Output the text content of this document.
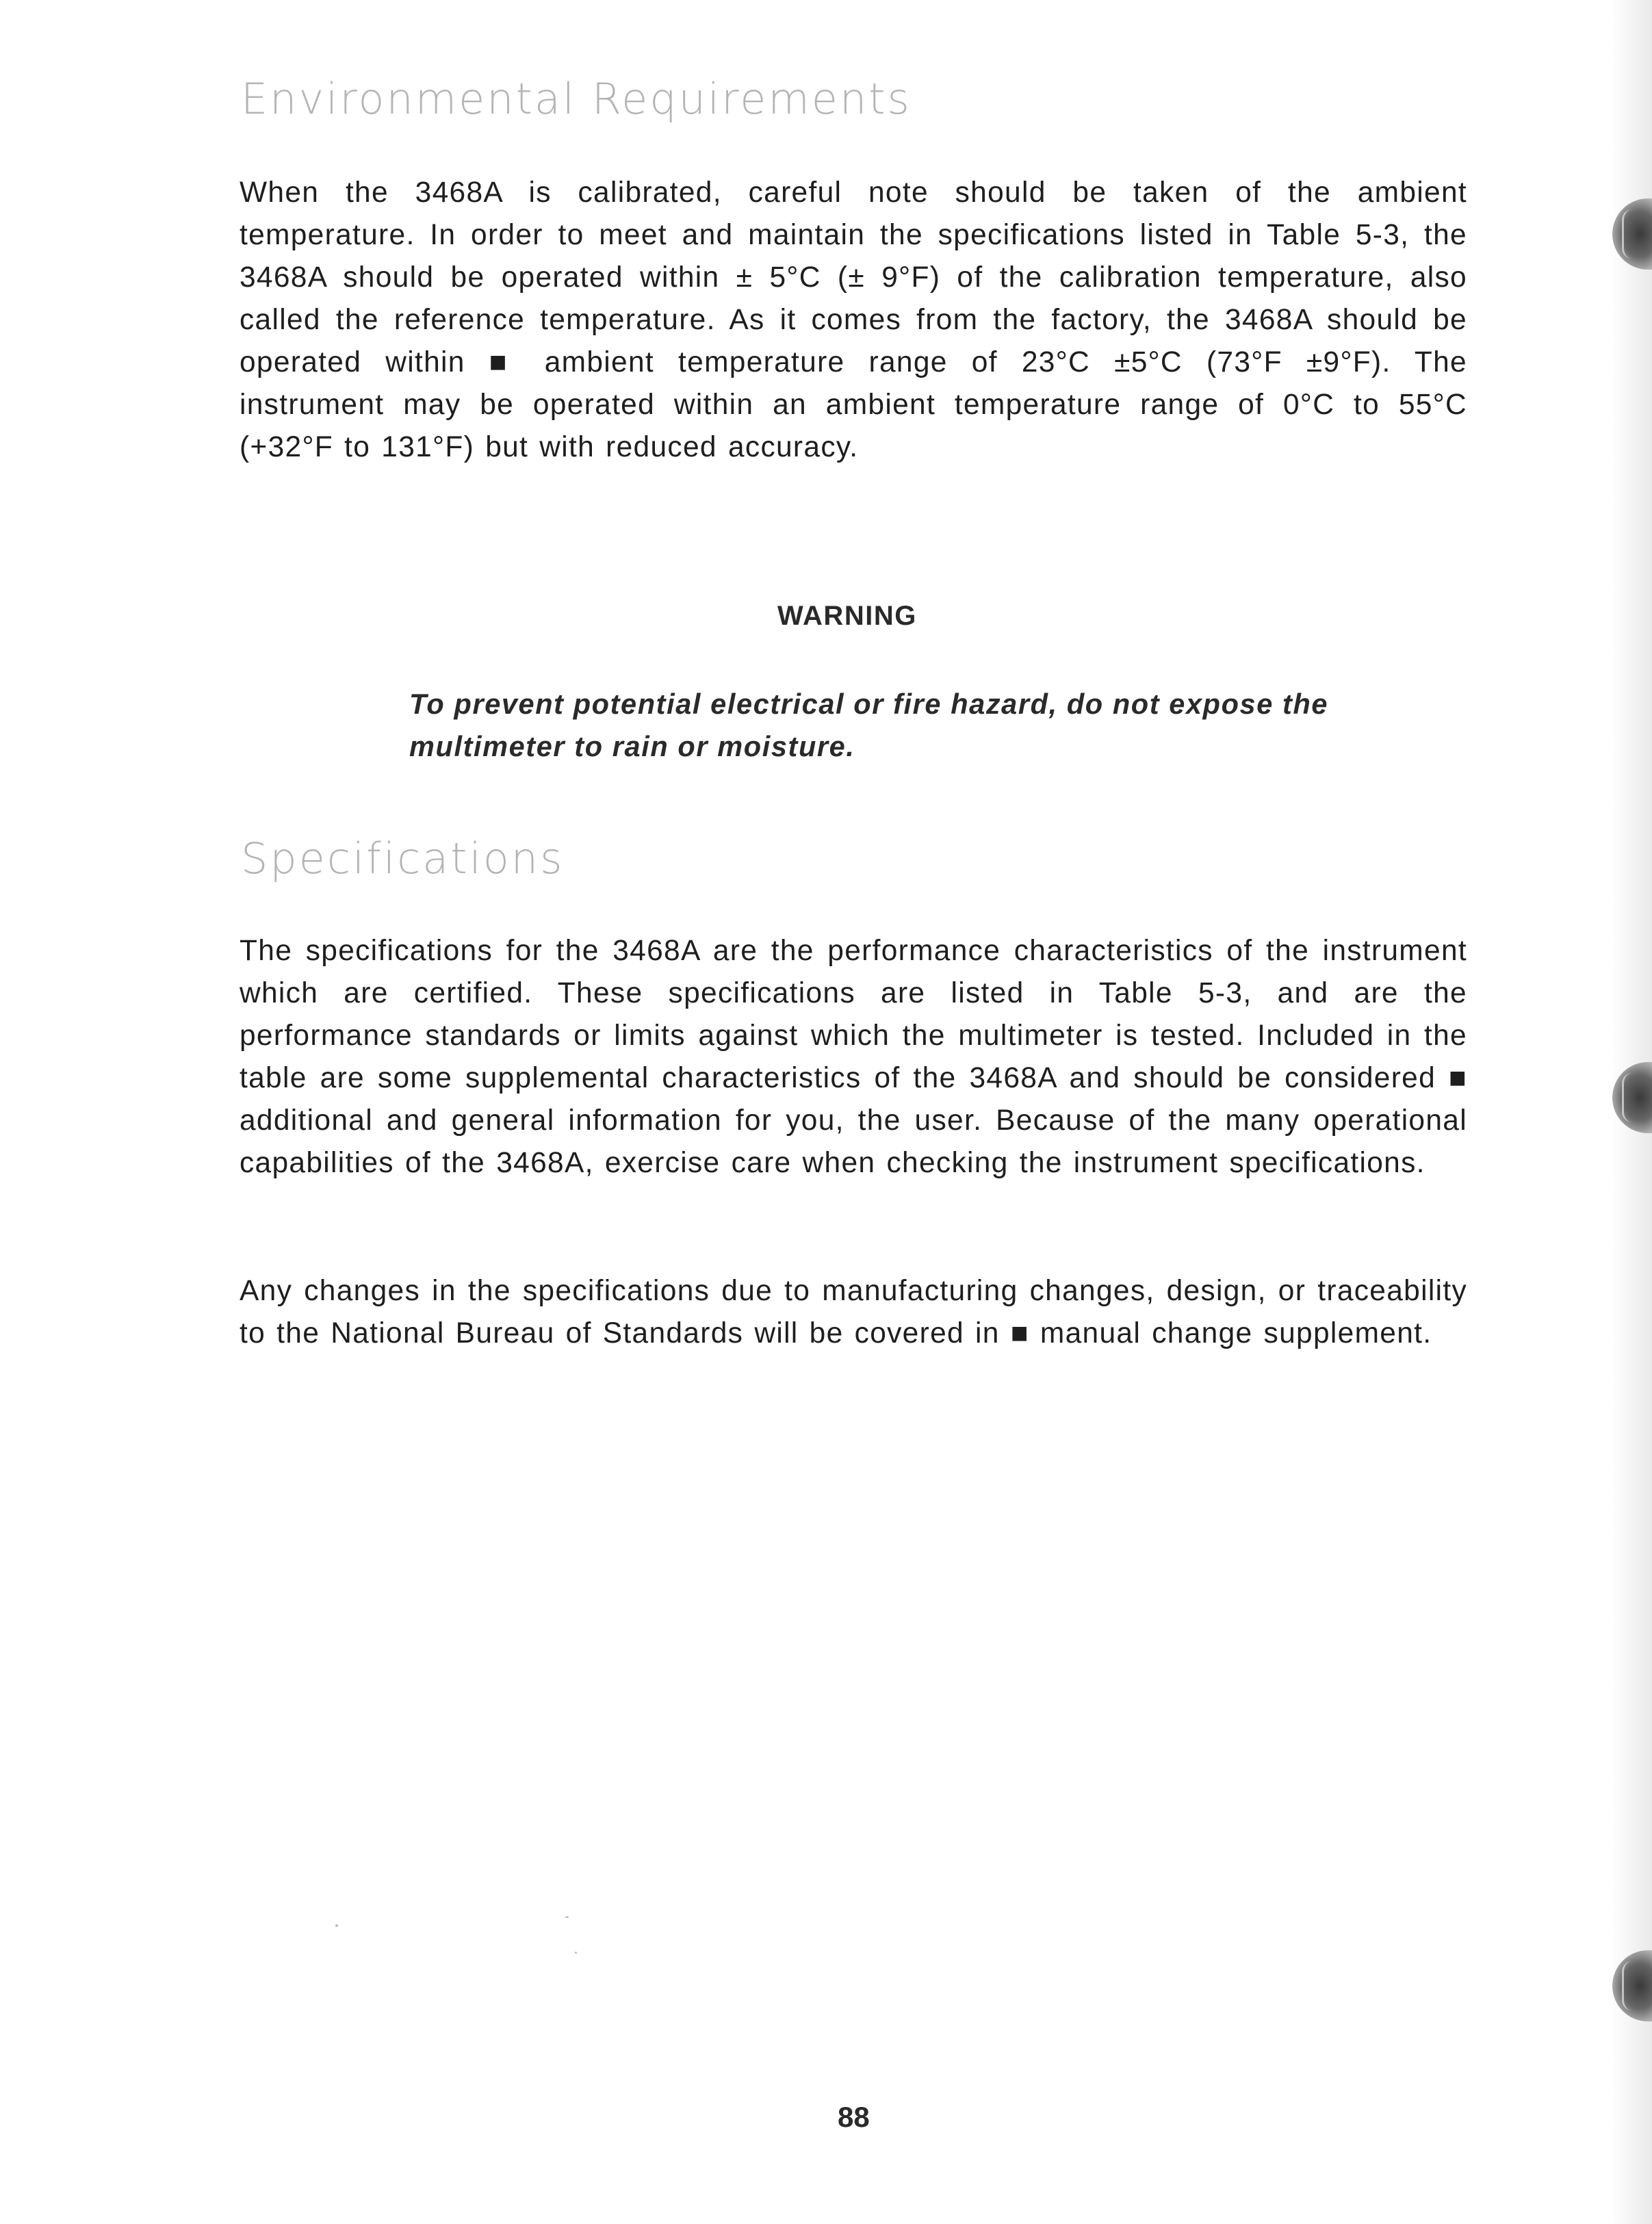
Environmental Requirements

When the 3468A is calibrated, careful note should be taken of the ambient temperature. In order to meet and maintain the specifications listed in Table 5-3, the 3468A should be operated within ± 5°C (± 9°F) of the calibration temperature, also called the reference temperature. As it comes from the factory, the 3468A should be operated within ■ ambient temperature range of 23°C ±5°C (73°F ±9°F). The instrument may be operated within an ambient temperature range of 0°C to 55°C (+32°F to 131°F) but with reduced accuracy.

WARNING

To prevent potential electrical or fire hazard, do not expose the multimeter to rain or moisture.

Specifications

The specifications for the 3468A are the performance characteristics of the instrument which are certified. These specifications are listed in Table 5-3, and are the performance standards or limits against which the multimeter is tested. Included in the table are some supplemental characteristics of the 3468A and should be considered ■ additional and general information for you, the user. Because of the many operational capabilities of the 3468A, exercise care when checking the instrument specifications.

Any changes in the specifications due to manufacturing changes, design, or traceability to the National Bureau of Standards will be covered in ■ manual change supplement.

88
